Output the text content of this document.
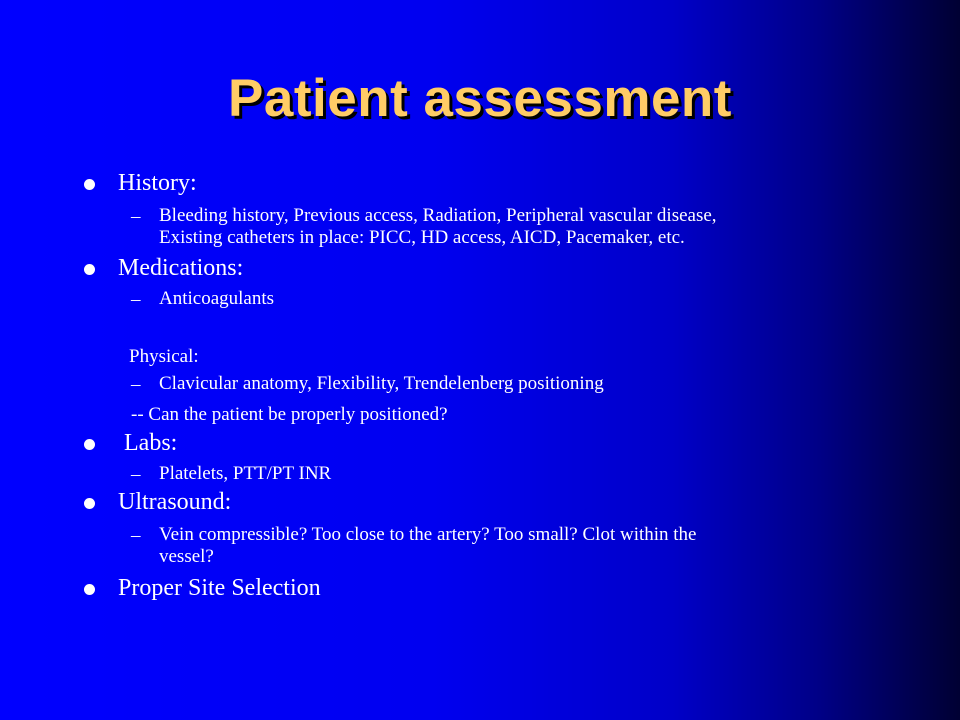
Patient assessment
History:
– Bleeding history, Previous access, Radiation, Peripheral vascular disease,
Existing catheters in place: PICC, HD access, AICD, Pacemaker, etc.
Medications:
– Anticoagulants
Physical:
– Clavicular anatomy, Flexibility, Trendelenberg positioning
-- Can the patient be properly positioned?
Labs:
– Platelets, PTT/PT INR
Ultrasound:
– Vein compressible? Too close to the artery? Too small? Clot within the
vessel?
Proper Site Selection
